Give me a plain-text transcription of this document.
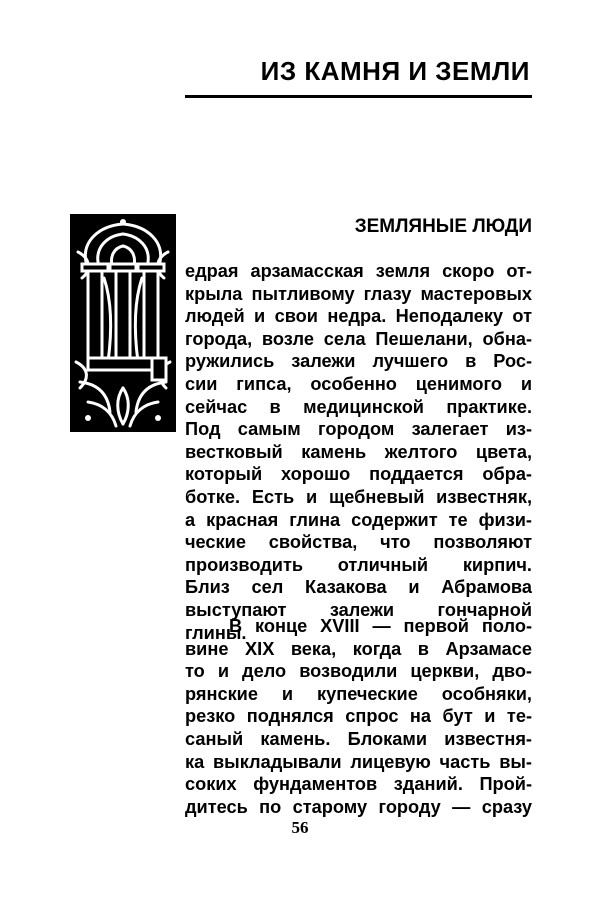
ИЗ КАМНЯ И ЗЕМЛИ
ЗЕМЛЯНЫЕ ЛЮДИ
едрая арзамасская земля скоро от-
крыла пытливому глазу мастеровых
людей и свои недра. Неподалеку от
города, возле села Пешелани, обна-
ружились залежи лучшего в Рос-
сии гипса, особенно ценимого и
сейчас в медицинской практике.
Под самым городом залегает из-
вестковый камень желтого цвета,
который хорошо поддается обра-
ботке. Есть и щебневый известняк,
а красная глина содержит те физи-
ческие свойства, что позволяют
производить отличный кирпич.
Близ сел Казакова и Абрамова
выступают залежи гончарной
глины.
В конце XVIII — первой поло-
вине XIX века, когда в Арзамасе
то и дело возводили церкви, дво-
рянские и купеческие особняки,
резко поднялся спрос на бут и те-
саный камень. Блоками известня-
ка выкладывали лицевую часть вы-
соких фундаментов зданий. Прой-
дитесь по старому городу — сразу
56
